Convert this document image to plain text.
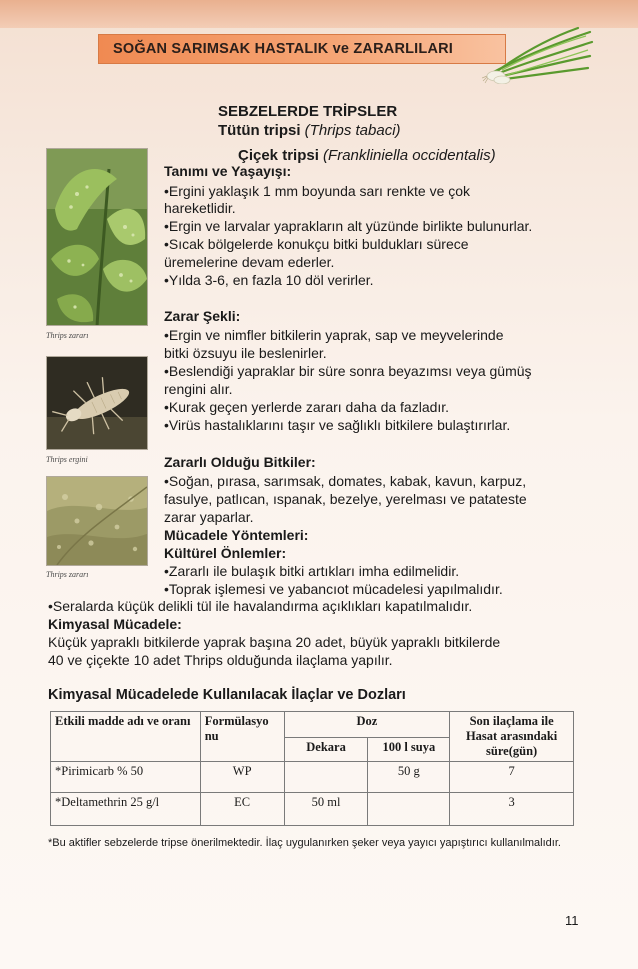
SOĞAN SARIMSAK HASTALIK ve ZARARLILARI
SEBZELERDE TRİPSLER
Tütün tripsi (Thrips tabaci)
Çiçek tripsi (Frankliniella occidentalis)
Thrips zararı
Thrips ergini
Thrips zararı
Tanımı ve Yaşayışı:
•Ergini yaklaşık 1 mm boyunda sarı renkte ve çok
hareketlidir.
•Ergin ve larvalar yaprakların alt yüzünde birlikte bulunurlar.
•Sıcak bölgelerde konukçu bitki buldukları sürece
üremelerine devam ederler.
•Yılda 3-6, en fazla 10 döl verirler.
Zarar Şekli:
•Ergin ve nimfler bitkilerin yaprak, sap ve meyvelerinde
bitki özsuyu ile beslenirler.
•Beslendiği yapraklar bir süre sonra beyazımsı veya gümüş
rengini alır.
•Kurak geçen yerlerde zararı daha da fazladır.
•Virüs hastalıklarını taşır ve sağlıklı bitkilere bulaştırırlar.
Zararlı Olduğu Bitkiler:
•Soğan, pırasa, sarımsak, domates, kabak, kavun, karpuz,
fasulye, patlıcan, ıspanak, bezelye, yerelması ve patateste
zarar yaparlar.
Mücadele Yöntemleri:
Kültürel Önlemler:
•Zararlı ile bulaşık bitki artıkları imha edilmelidir.
•Toprak işlemesi ve yabancıot mücadelesi yapılmalıdır.
•Seralarda küçük delikli tül ile havalandırma açıklıkları kapatılmalıdır.
Kimyasal Mücadele:
Küçük yapraklı bitkilerde yaprak başına 20 adet, büyük yapraklı bitkilerde
40 ve çiçekte 10 adet Thrips olduğunda ilaçlama yapılır.
Kimyasal Mücadelede Kullanılacak İlaçlar ve Dozları
Etkili madde adı ve oranı	Formülasyo nu	Doz		Son ilaçlama ile Hasat arasındaki süre(gün)
		Dekara	100 l suya	
*Pirimicarb % 50	WP		50 g	7
*Deltamethrin 25 g/l	EC	50 ml		3
*Bu aktifler sebzelerde tripse önerilmektedir. İlaç uygulanırken şeker veya yayıcı yapıştırıcı kullanılmalıdır.
11
